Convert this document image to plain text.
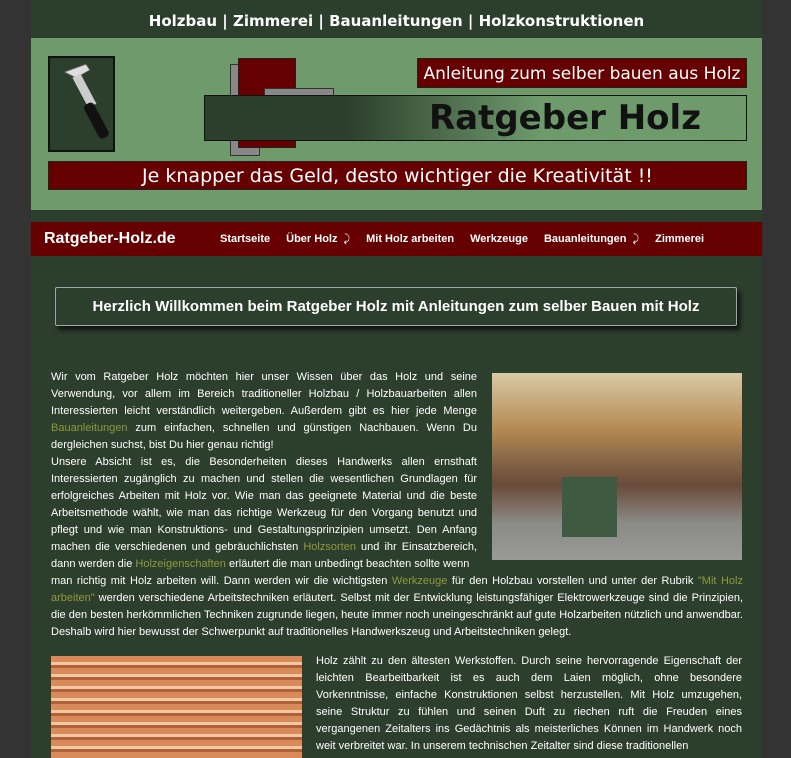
Holzbau | Zimmerei | Bauanleitungen | Holzkonstruktionen
Anleitung zum selber bauen aus Holz
Ratgeber Holz
Je knapper das Geld, desto wichtiger die Kreativität !!
Ratgeber-Holz.de	Startseite Über Holz ⤸ Mit Holz arbeiten Werkzeuge Bauanleitungen ⤸ Zimmerei
Herzlich Willkommen beim Ratgeber Holz mit Anleitungen zum selber Bauen mit Holz
Wir vom Ratgeber Holz möchten hier unser Wissen über das Holz und seine Verwendung, vor allem im Bereich traditioneller Holzbau / Holzbauarbeiten allen Interessierten leicht verständlich weitergeben. Außerdem gibt es hier jede Menge Bauanleitungen zum einfachen, schnellen und günstigen Nachbauen. Wenn Du dergleichen suchst, bist Du hier genau richtig!
Unsere Absicht ist es, die Besonderheiten dieses Handwerks allen ernsthaft Interessierten zugänglich zu machen und stellen die wesentlichen Grundlagen für erfolgreiches Arbeiten mit Holz vor. Wie man das geeignete Material und die beste Arbeitsmethode wählt, wie man das richtige Werkzeug für den Vorgang benutzt und pflegt und wie man Konstruktions- und Gestaltungsprinzipien umsetzt. Den Anfang machen die verschiedenen und gebräuchlichsten Holzsorten und ihr Einsatzbereich, dann werden die Holzeigenschaften erläutert die man unbedingt beachten sollte wenn
man richtig mit Holz arbeiten will. Dann werden wir die wichtigsten Werkzeuge für den Holzbau vorstellen und unter der Rubrik "Mit Holz arbeiten" werden verschiedene Arbeitstechniken erläutert. Selbst mit der Entwicklung leistungsfähiger Elektrowerkzeuge sind die Prinzipien, die den besten herkömmlichen Techniken zugrunde liegen, heute immer noch uneingeschränkt auf gute Holzarbeiten nützlich und anwendbar. Deshalb wird hier bewusst der Schwerpunkt auf traditionelles Handwerkszeug und Arbeitstechniken gelegt.
Holz zählt zu den ältesten Werkstoffen. Durch seine hervorragende Eigenschaft der leichten Bearbeitbarkeit ist es auch dem Laien möglich, ohne besondere Vorkenntnisse, einfache Konstruktionen selbst herzustellen. Mit Holz umzugehen, seine Struktur zu fühlen und seinen Duft zu riechen ruft die Freuden eines vergangenen Zeitalters ins Gedächtnis als meisterliches Können im Handwerk noch weit verbreitet war. In unserem technischen Zeitalter sind diese traditionellen
